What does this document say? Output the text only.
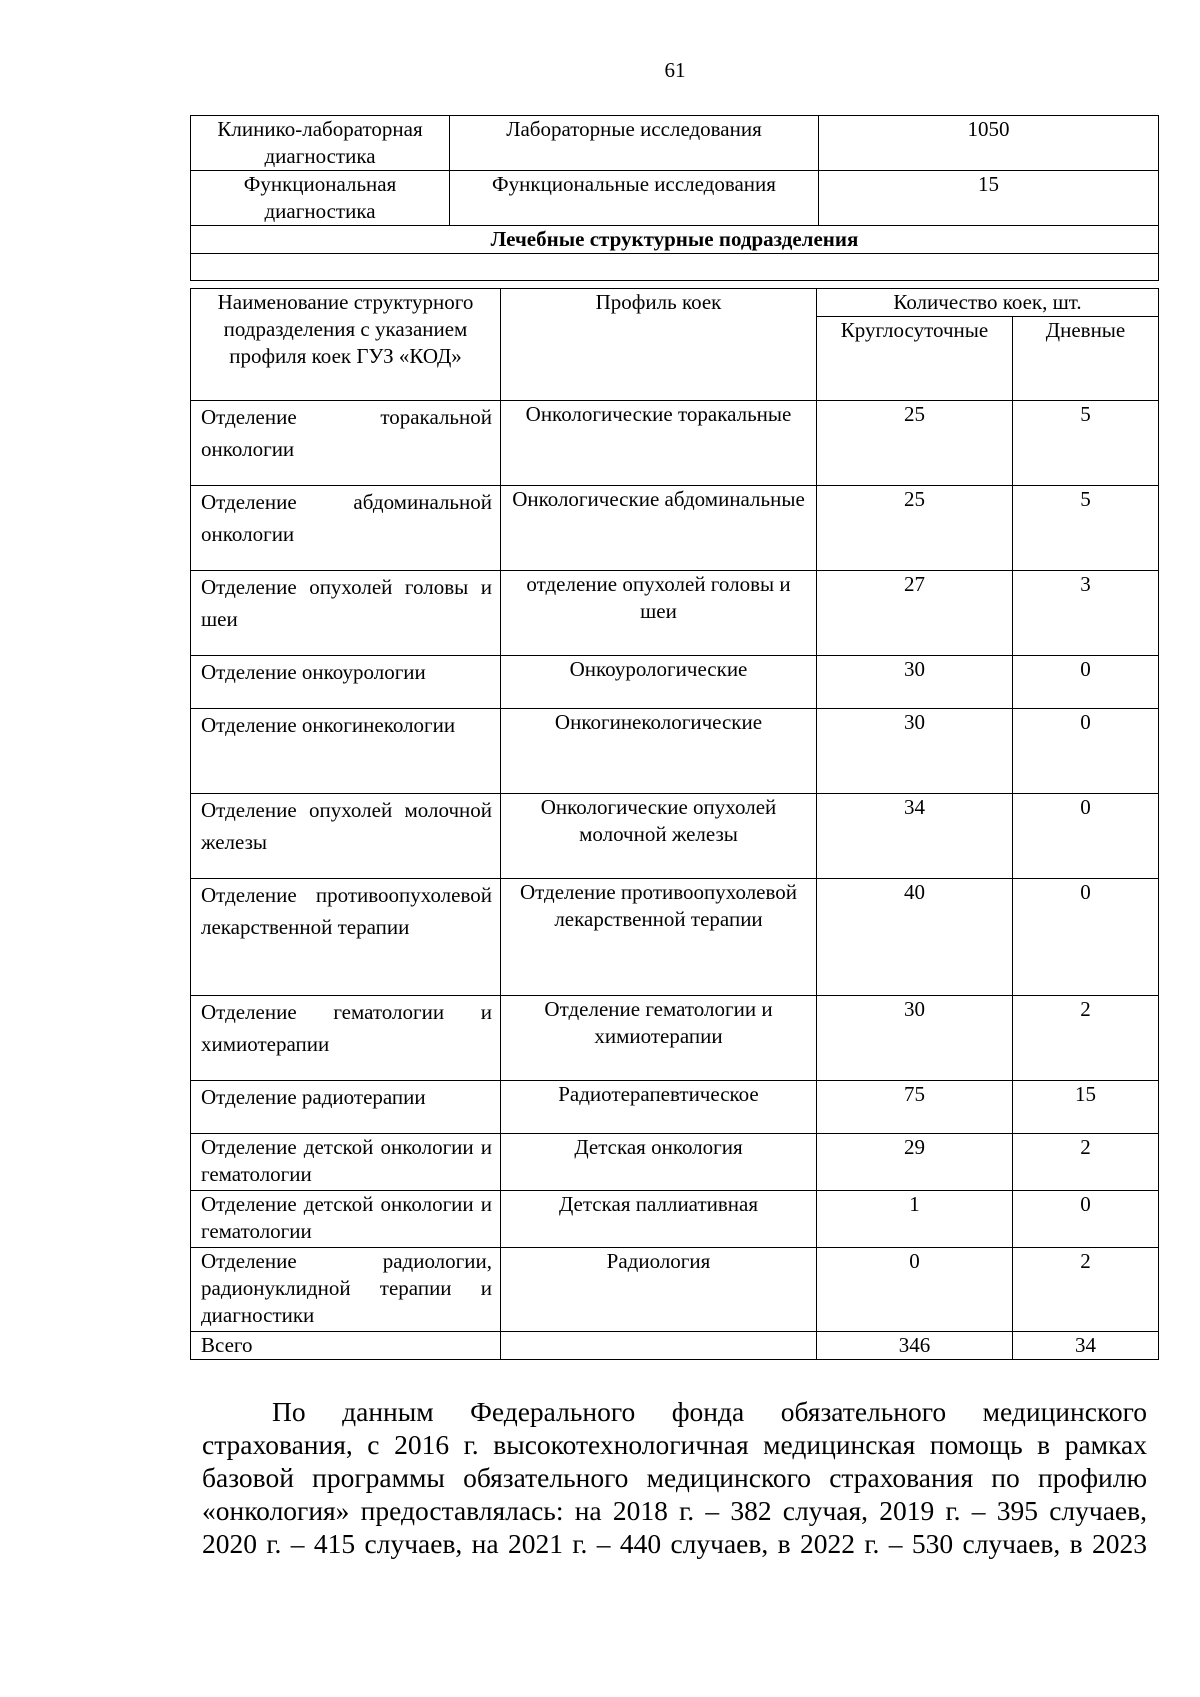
61
Клинико-лабораторная диагностика	Лабораторные исследования	1050
Функциональная диагностика	Функциональные исследования	15
Лечебные структурные подразделения		

Наименование структурного подразделения с указанием профиля коек ГУЗ «КОД»	Профиль коек	Количество коек, шт.	
		Круглосуточные	Дневные
Отделение торакальной онкологии	Онкологические торакальные	25	5
Отделение абдоминальной онкологии	Онкологические абдоминальные	25	5
Отделение опухолей головы и шеи	отделение опухолей головы и шеи	27	3
Отделение онкоурологии	Онкоурологические	30	0
Отделение онкогинекологии	Онкогинекологические	30	0
Отделение опухолей молочной железы	Онкологические опухолей молочной железы	34	0
Отделение противоопухолевой лекарственной терапии	Отделение противоопухолевой лекарственной терапии	40	0
Отделение гематологии и химиотерапии	Отделение гематологии и химиотерапии	30	2
Отделение радиотерапии	Радиотерапевтическое	75	15
Отделение детской онкологии и гематологии	Детская онкология	29	2
Отделение детской онкологии и гематологии	Детская паллиативная	1	0
Отделение радиологии, радионуклидной терапии и диагностики	Радиология	0	2
Всего		346	34

По данным Федерального фонда обязательного медицинского страхования, с 2016 г. высокотехнологичная медицинская помощь в рамках базовой программы обязательного медицинского страхования по профилю «онкология» предоставлялась: на 2018 г. – 382 случая, 2019 г. – 395 случаев, 2020 г. – 415 случаев, на 2021 г. – 440 случаев, в 2022 г. – 530 случаев, в 2023
